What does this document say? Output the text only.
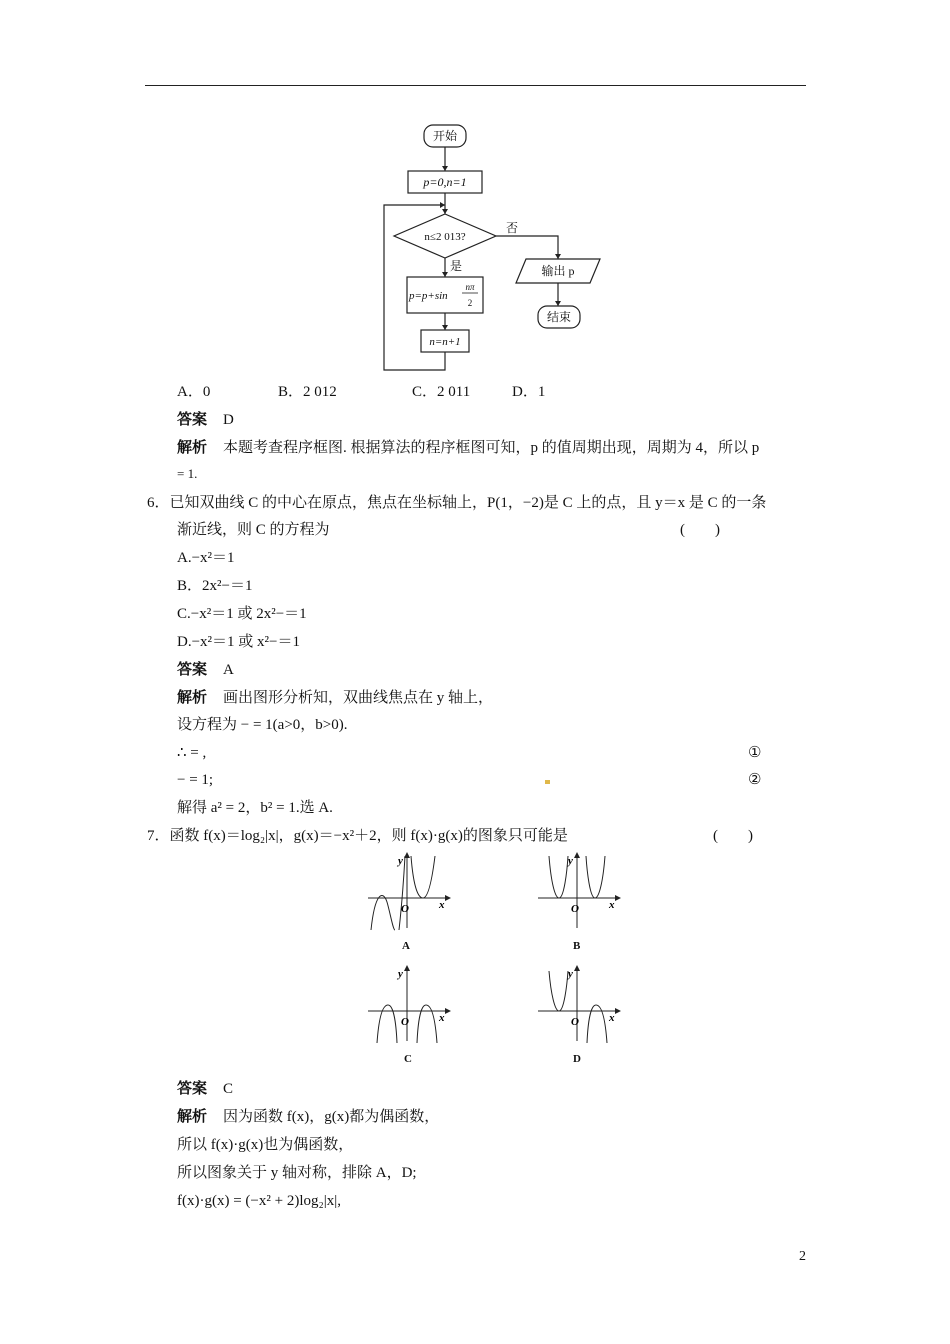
开始
p=0,n=1
n≤2 013?
否
是
p=p+sin
nπ
2
n=n+1
输出 p
结束
A．0	B．2 012	C．2 011	D．1
答案 D
解析 本题考查程序框图. 根据算法的程序框图可知，p 的值周期出现，周期为 4，所以 p
= 1.
6．已知双曲线 C 的中心在原点，焦点在坐标轴上，P(1，−2)是 C 上的点，且 y＝x 是 C 的一条
渐近线，则 C 的方程为	(　　)
A.−x²＝1
B．2x²−＝1
C.−x²＝1 或 2x²−＝1
D.−x²＝1 或 x²−＝1
答案 A
解析 画出图形分析知，双曲线焦点在 y 轴上，
设方程为 − = 1(a>0，b>0).
∴ = ,	①
− = 1;	②
解得 a² = 2，b² = 1.选 A.
7．函数 f(x)＝log₂|x|，g(x)＝−x²＋2，则 f(x)·g(x)的图象只可能是	(　　)
O	x
y
A
O	x
y
B
O	x
y
C
O	x
y
D
答案 C
解析 因为函数 f(x)，g(x)都为偶函数，
所以 f(x)·g(x)也为偶函数，
所以图象关于 y 轴对称，排除 A，D;
f(x)·g(x) = (−x² + 2)log₂|x|,
2
